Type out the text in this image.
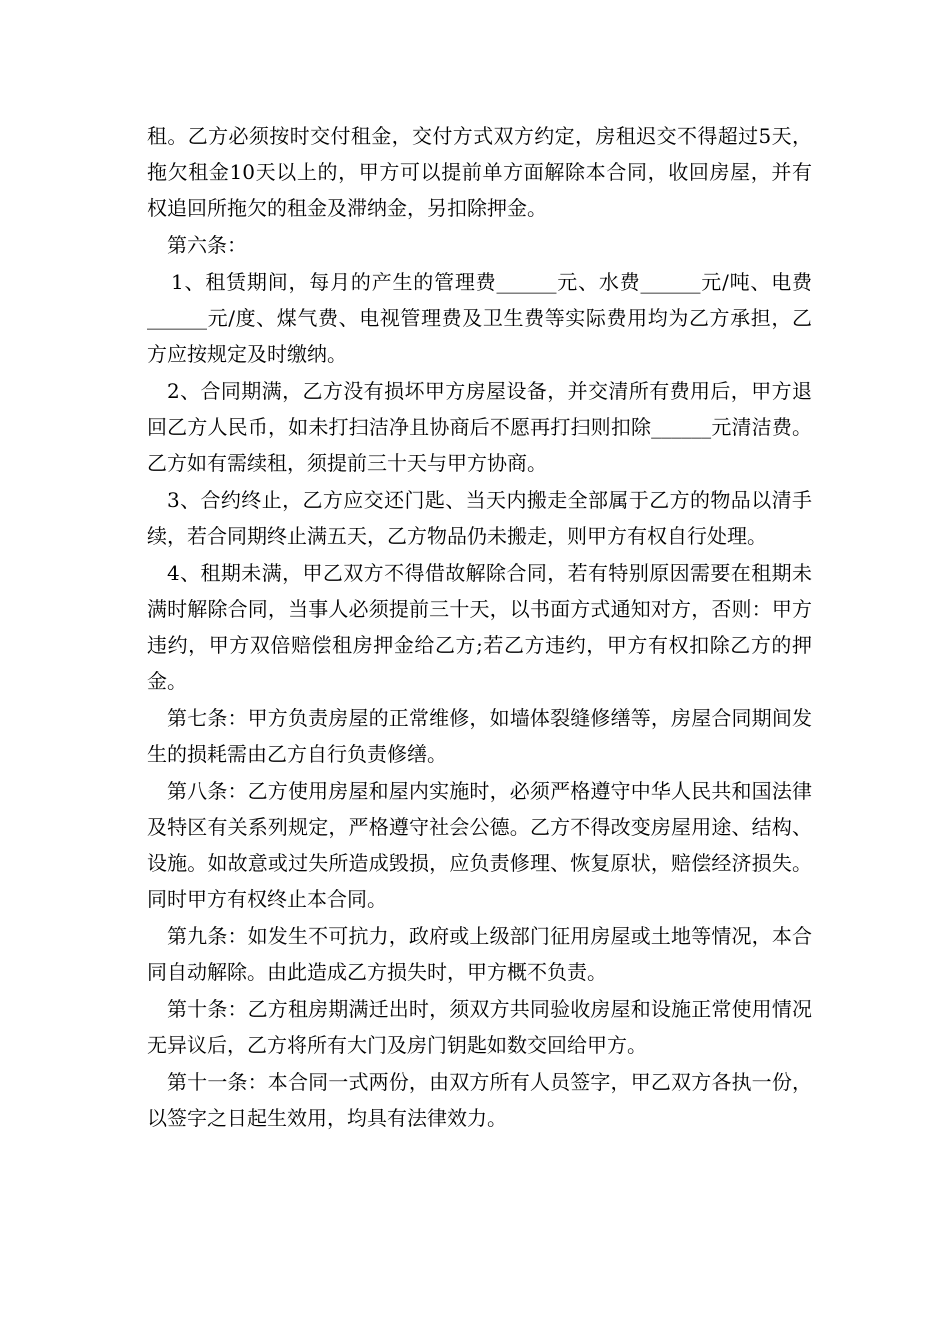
租。乙方必须按时交付租金，交付方式双方约定，房租迟交不得超过5天，拖欠租金10天以上的，甲方可以提前单方面解除本合同，收回房屋，并有权追回所拖欠的租金及滞纳金，另扣除押金。

第六条：

1、租赁期间，每月的产生的管理费______元、水费______元/吨、电费______元/度、煤气费、电视管理费及卫生费等实际费用均为乙方承担，乙方应按规定及时缴纳。

2、合同期满，乙方没有损坏甲方房屋设备，并交清所有费用后，甲方退回乙方人民币，如未打扫洁净且协商后不愿再打扫则扣除______元清洁费。乙方如有需续租，须提前三十天与甲方协商。

3、合约终止，乙方应交还门匙、当天内搬走全部属于乙方的物品以清手续，若合同期终止满五天，乙方物品仍未搬走，则甲方有权自行处理。

4、租期未满，甲乙双方不得借故解除合同，若有特别原因需要在租期未满时解除合同，当事人必须提前三十天，以书面方式通知对方，否则：甲方违约，甲方双倍赔偿租房押金给乙方;若乙方违约，甲方有权扣除乙方的押金。

第七条：甲方负责房屋的正常维修，如墙体裂缝修缮等，房屋合同期间发生的损耗需由乙方自行负责修缮。

第八条：乙方使用房屋和屋内实施时，必须严格遵守中华人民共和国法律及特区有关系列规定，严格遵守社会公德。乙方不得改变房屋用途、结构、设施。如故意或过失所造成毁损，应负责修理、恢复原状，赔偿经济损失。同时甲方有权终止本合同。

第九条：如发生不可抗力，政府或上级部门征用房屋或土地等情况，本合同自动解除。由此造成乙方损失时，甲方概不负责。

第十条：乙方租房期满迁出时，须双方共同验收房屋和设施正常使用情况无异议后，乙方将所有大门及房门钥匙如数交回给甲方。

第十一条：本合同一式两份，由双方所有人员签字，甲乙双方各执一份，以签字之日起生效用，均具有法律效力。
